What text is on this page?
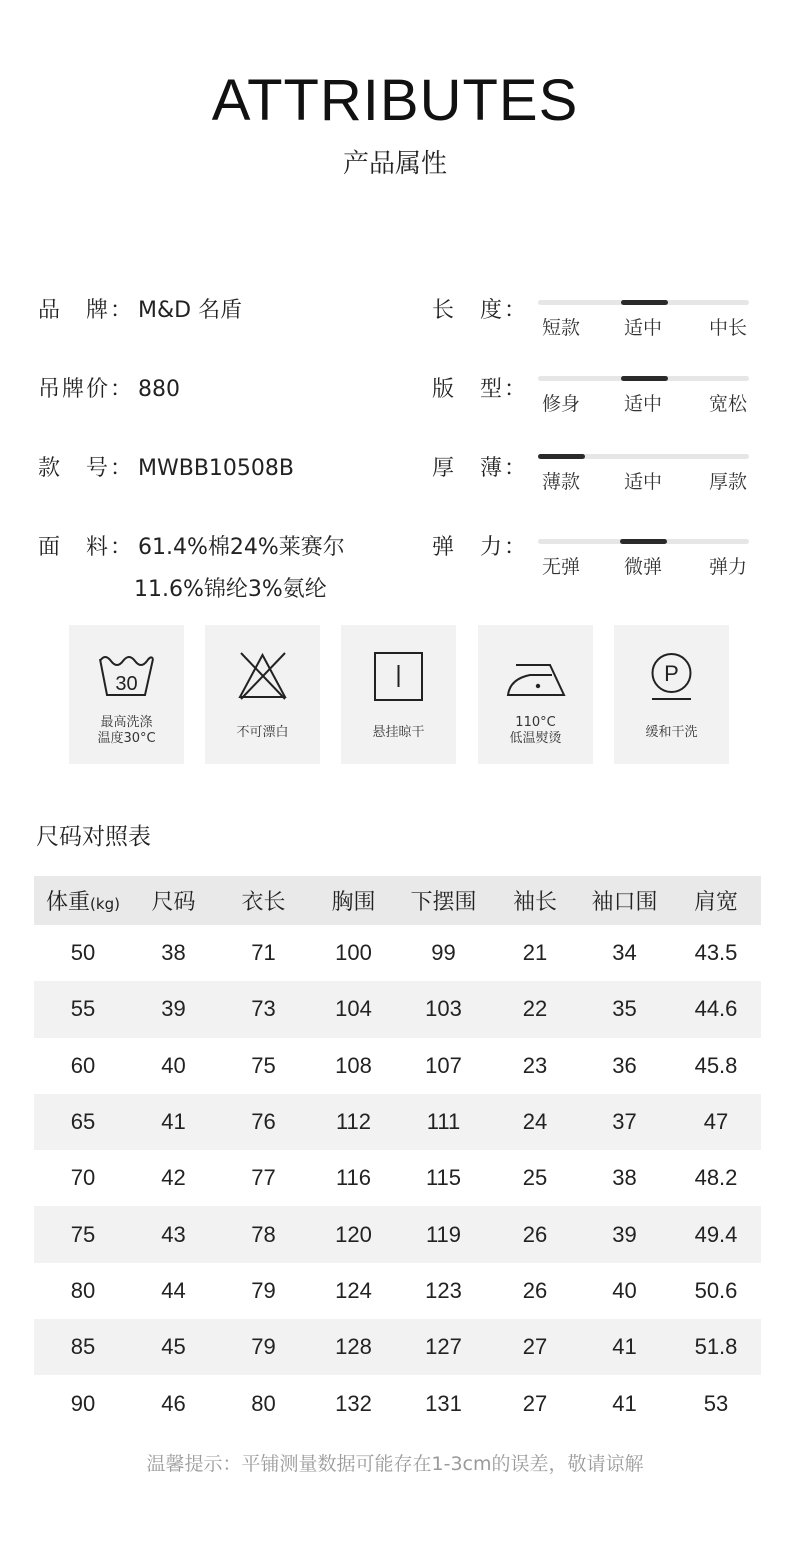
ATTRIBUTES
产品属性
品　牌： M&D 名盾
吊牌价： 880
款　号： MWBB10508B
面　料： 61.4%棉24%莱赛尔
11.6%锦纶3%氨纶
长　度：
短款 适中 中长
版　型：
修身 适中 宽松
厚　薄：
薄款 适中 厚款
弹　力：
无弹 微弹 弹力
30
最高洗涤
温度30°C	不可漂白	悬挂晾干
110°C
低温熨烫
P
缓和干洗
尺码对照表
体重(kg)	尺码	衣长	胸围	下摆围	袖长	袖口围	肩宽
50	38	71	100	99	21	34	43.5
55	39	73	104	103	22	35	44.6
60	40	75	108	107	23	36	45.8
65	41	76	112	111	24	37	47
70	42	77	116	115	25	38	48.2
75	43	78	120	119	26	39	49.4
80	44	79	124	123	26	40	50.6
85	45	79	128	127	27	41	51.8
90	46	80	132	131	27	41	53
温馨提示：平铺测量数据可能存在1-3cm的误差，敬请谅解
